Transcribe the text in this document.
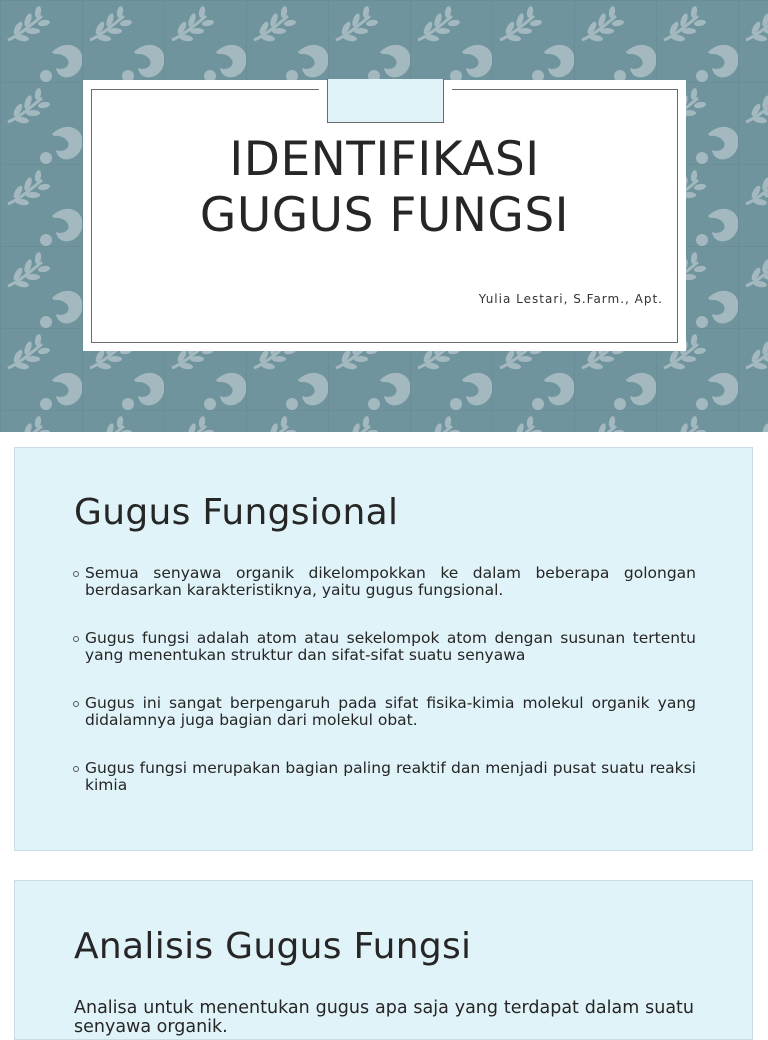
IDENTIFIKASI
GUGUS FUNGSI
Yulia Lestari, S.Farm., Apt.
Gugus Fungsional
Semua senyawa organik dikelompokkan ke dalam beberapa golongan berdasarkan karakteristiknya, yaitu gugus fungsional.
Gugus fungsi adalah atom atau sekelompok atom dengan susunan tertentu yang menentukan struktur dan sifat-sifat suatu senyawa
Gugus ini sangat berpengaruh pada sifat fisika-kimia molekul organik yang didalamnya juga bagian dari molekul obat.
Gugus fungsi merupakan bagian paling reaktif dan menjadi pusat suatu reaksi kimia
Analisis Gugus Fungsi
Analisa untuk menentukan gugus apa saja yang terdapat dalam suatu senyawa organik.
